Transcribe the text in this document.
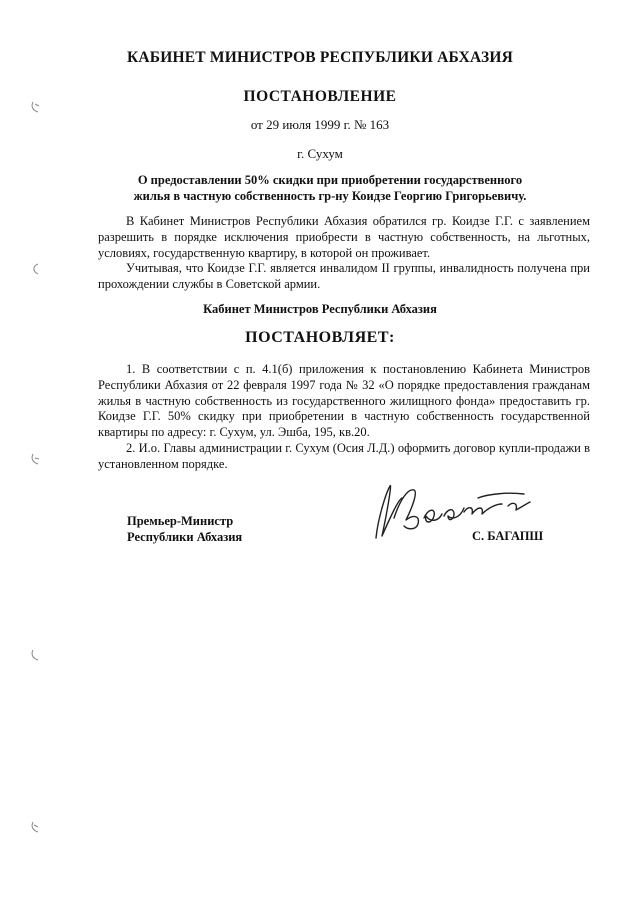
КАБИНЕТ МИНИСТРОВ РЕСПУБЛИКИ АБХАЗИЯ
ПОСТАНОВЛЕНИЕ
от 29 июля 1999 г. № 163
г. Сухум
О предоставлении 50% скидки при приобретении государственного жилья в частную собственность гр-ну Коидзе Георгию Григорьевичу.

В Кабинет Министров Республики Абхазия обратился гр. Коидзе Г.Г. с заявлением разрешить в порядке исключения приобрести в частную собственность, на льготных, условиях, государственную квартиру, в которой он проживает.

Учитывая, что Коидзе Г.Г. является инвалидом II группы, инвалидность получена при прохождении службы в Советской армии.

Кабинет Министров Республики Абхазия
ПОСТАНОВЛЯЕТ:

1. В соответствии с п. 4.1(б) приложения к постановлению Кабинета Министров Республики Абхазия от 22 февраля 1997 года № 32 «О порядке предоставления гражданам жилья в частную собственность из государственного жилищного фонда» предоставить гр. Коидзе Г.Г. 50% скидку при приобретении в частную собственность государственной квартиры по адресу: г. Сухум, ул. Эшба, 195, кв.20.

2. И.о. Главы администрации г. Сухум (Осия Л.Д.) оформить договор купли-продажи в установленном порядке.

Премьер-Министр
Республики Абхазия	С. БАГАПШ
